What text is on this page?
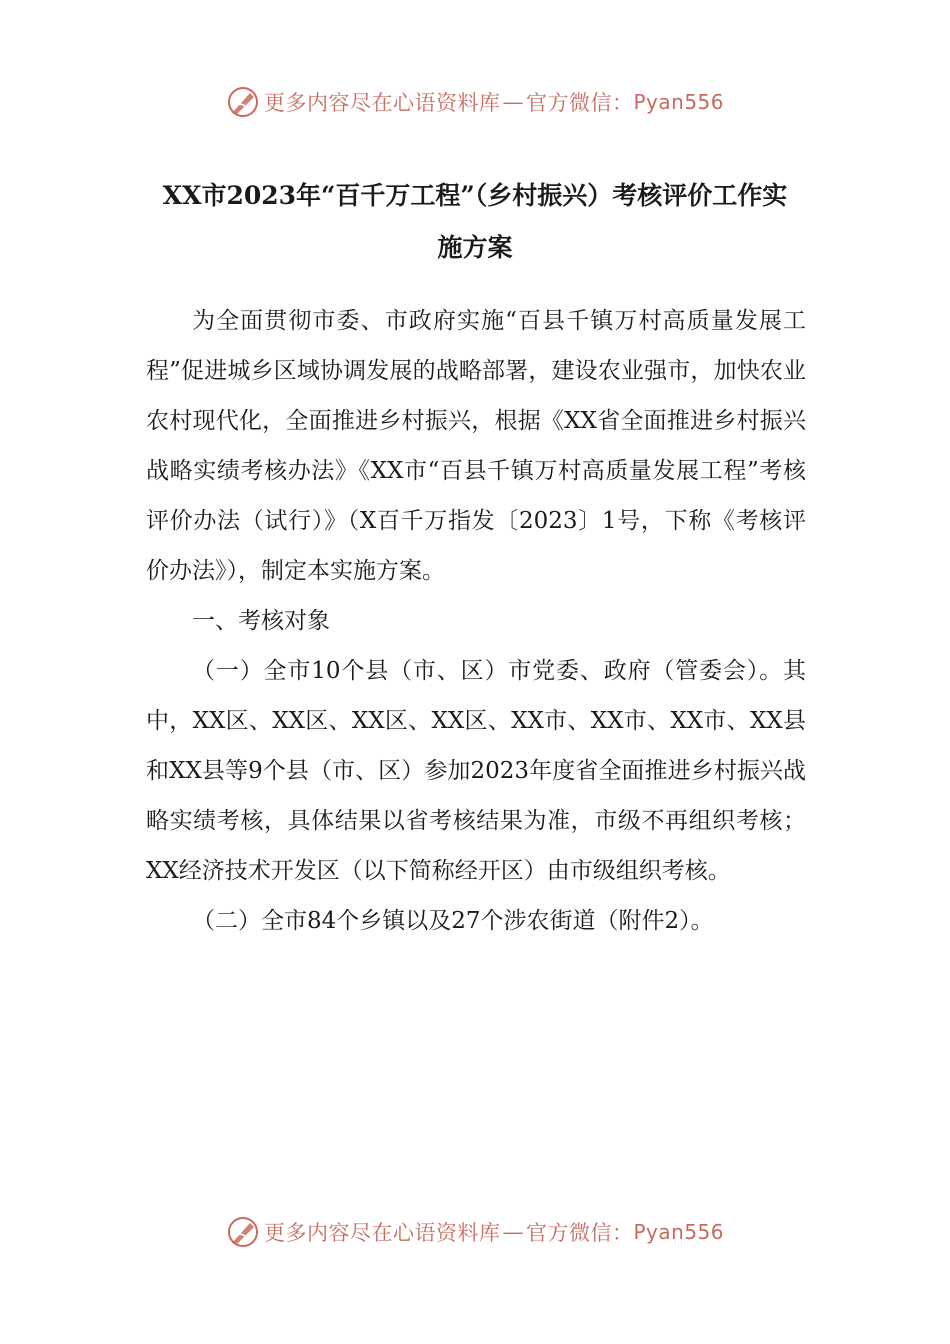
更多内容尽在心语资料库 — 官方微信： Pyan556
XX市2023年“百千万工程”（乡村振兴）考核评价工作实
施方案

为全面贯彻市委、市政府实施“百县千镇万村高质量发展工程”促进城乡区域协调发展的战略部署，建设农业强市，加快农业农村现代化，全面推进乡村振兴，根据《XX省全面推进乡村振兴战略实绩考核办法》《XX市“百县千镇万村高质量发展工程”考核评价办法（试行）》（X百千万指发〔2023〕1号，下称《考核评价办法》），制定本实施方案。

一、考核对象

（一）全市10个县（市、区）市党委、政府（管委会）。其中，XX区、XX区、XX区、XX区、XX市、XX市、XX市、XX县和XX县等9个县（市、区）参加2023年度省全面推进乡村振兴战略实绩考核，具体结果以省考核结果为准，市级不再组织考核；XX经济技术开发区（以下简称经开区）由市级组织考核。

（二）全市84个乡镇以及27个涉农街道（附件2）。

更多内容尽在心语资料库 — 官方微信： Pyan556
